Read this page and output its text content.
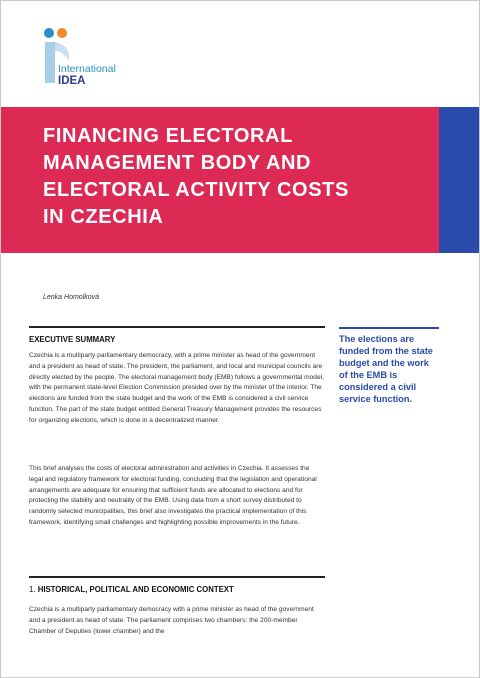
International
IDEA
FINANCING ELECTORAL
MANAGEMENT BODY AND
ELECTORAL ACTIVITY COSTS
IN CZECHIA
Lenka Homolková
EXECUTIVE SUMMARY

Czechia is a multiparty parliamentary democracy, with a prime minister as head of the government and a president as head of state. The president, the parliament, and local and municipal councils are directly elected by the people. The electoral management body (EMB) follows a governmental model, with the permanent state-level Election Commission presided over by the minister of the interior. The elections are funded from the state budget and the work of the EMB is considered a civil service function. The part of the state budget entitled General Treasury Management provides the resources for organizing elections, which is done in a decentralized manner.

This brief analyses the costs of electoral administration and activities in Czechia. It assesses the legal and regulatory framework for electoral funding, concluding that the legislation and operational arrangements are adequate for ensuring that sufficient funds are allocated to elections and for protecting the stability and neutrality of the EMB. Using data from a short survey distributed to randomly selected municipalities, this brief also investigates the practical implementation of this framework, identifying small challenges and highlighting possible improvements in the future.

1. HISTORICAL, POLITICAL AND ECONOMIC CONTEXT

Czechia is a multiparty parliamentary democracy with a prime minister as head of the government and a president as head of state. The parliament comprises two chambers: the 200-member Chamber of Deputies (lower chamber) and the

The elections are funded from the state budget and the work of the EMB is considered a civil service function.
